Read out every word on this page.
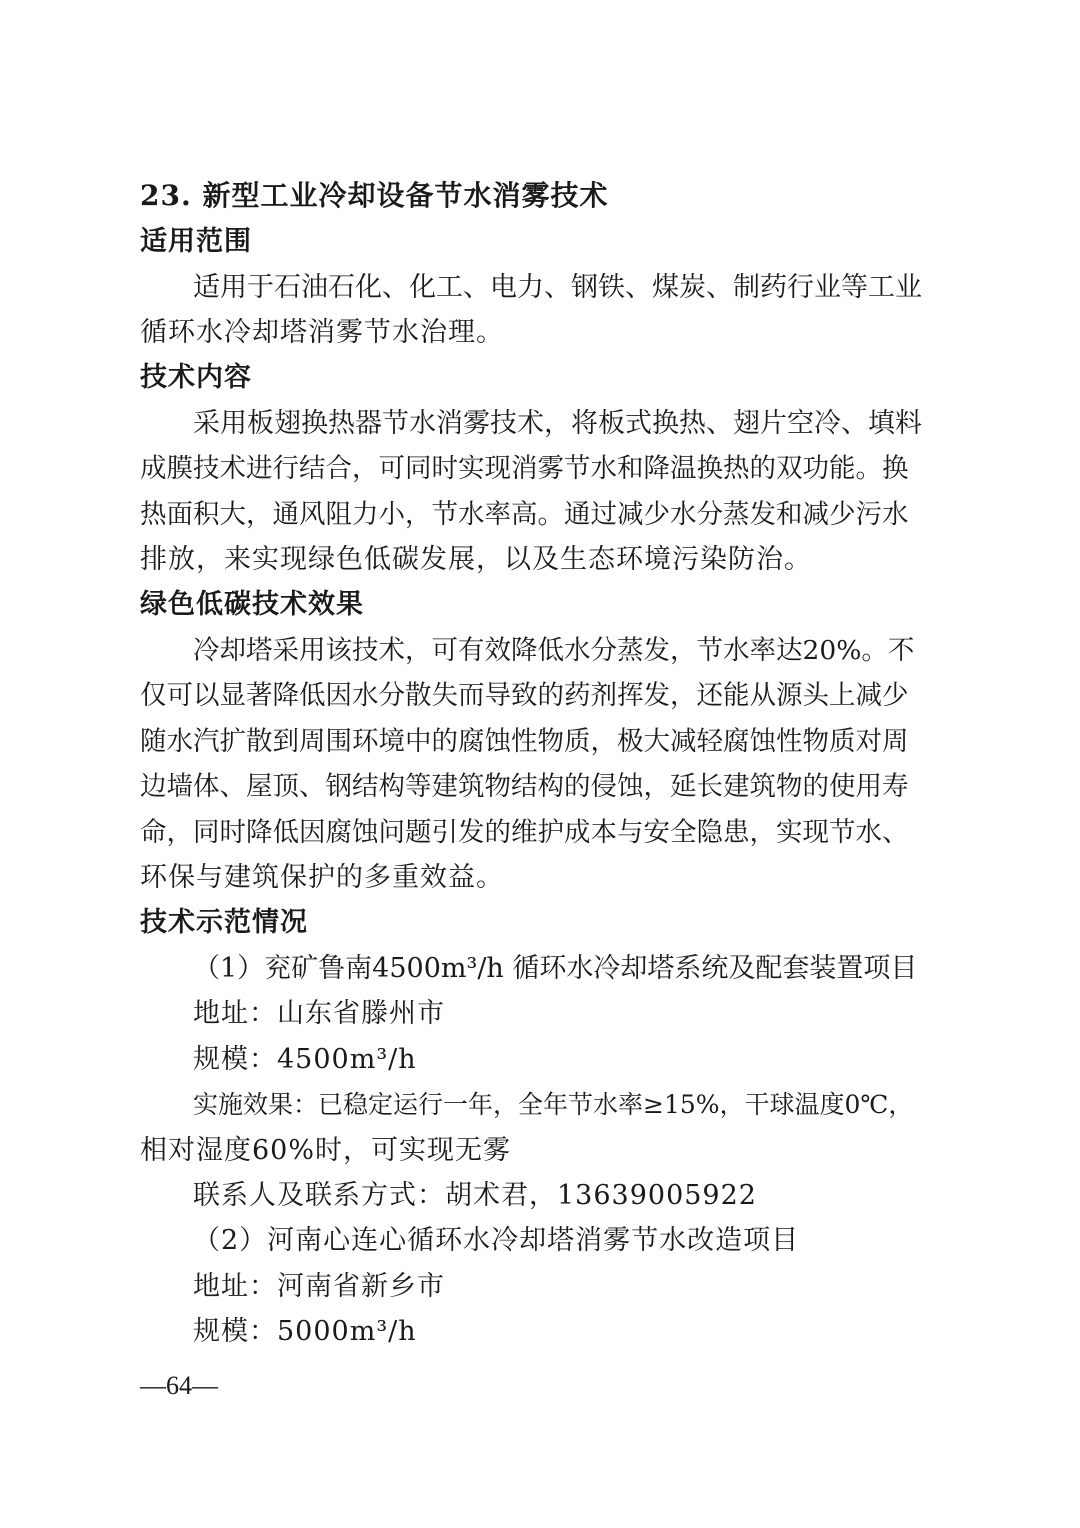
23. 新型工业冷却设备节水消雾技术
适用范围
适用于石油石化、化工、电力、钢铁、煤炭、制药行业等工业
循环水冷却塔消雾节水治理。
技术内容
采用板翅换热器节水消雾技术，将板式换热、翅片空冷、填料
成膜技术进行结合，可同时实现消雾节水和降温换热的双功能。换
热面积大，通风阻力小，节水率高。通过减少水分蒸发和减少污水
排放，来实现绿色低碳发展，以及生态环境污染防治。
绿色低碳技术效果
冷却塔采用该技术，可有效降低水分蒸发，节水率达20%。不
仅可以显著降低因水分散失而导致的药剂挥发，还能从源头上减少
随水汽扩散到周围环境中的腐蚀性物质，极大减轻腐蚀性物质对周
边墙体、屋顶、钢结构等建筑物结构的侵蚀，延长建筑物的使用寿
命，同时降低因腐蚀问题引发的维护成本与安全隐患，实现节水、
环保与建筑保护的多重效益。
技术示范情况
（1）兖矿鲁南4500m³/h 循环水冷却塔系统及配套装置项目
地址：山东省滕州市
规模：4500m³/h
实施效果：已稳定运行一年，全年节水率≥15%，干球温度0℃，
相对湿度60%时，可实现无雾
联系人及联系方式：胡术君，13639005922
（2）河南心连心循环水冷却塔消雾节水改造项目
地址：河南省新乡市
规模：5000m³/h
—64—
